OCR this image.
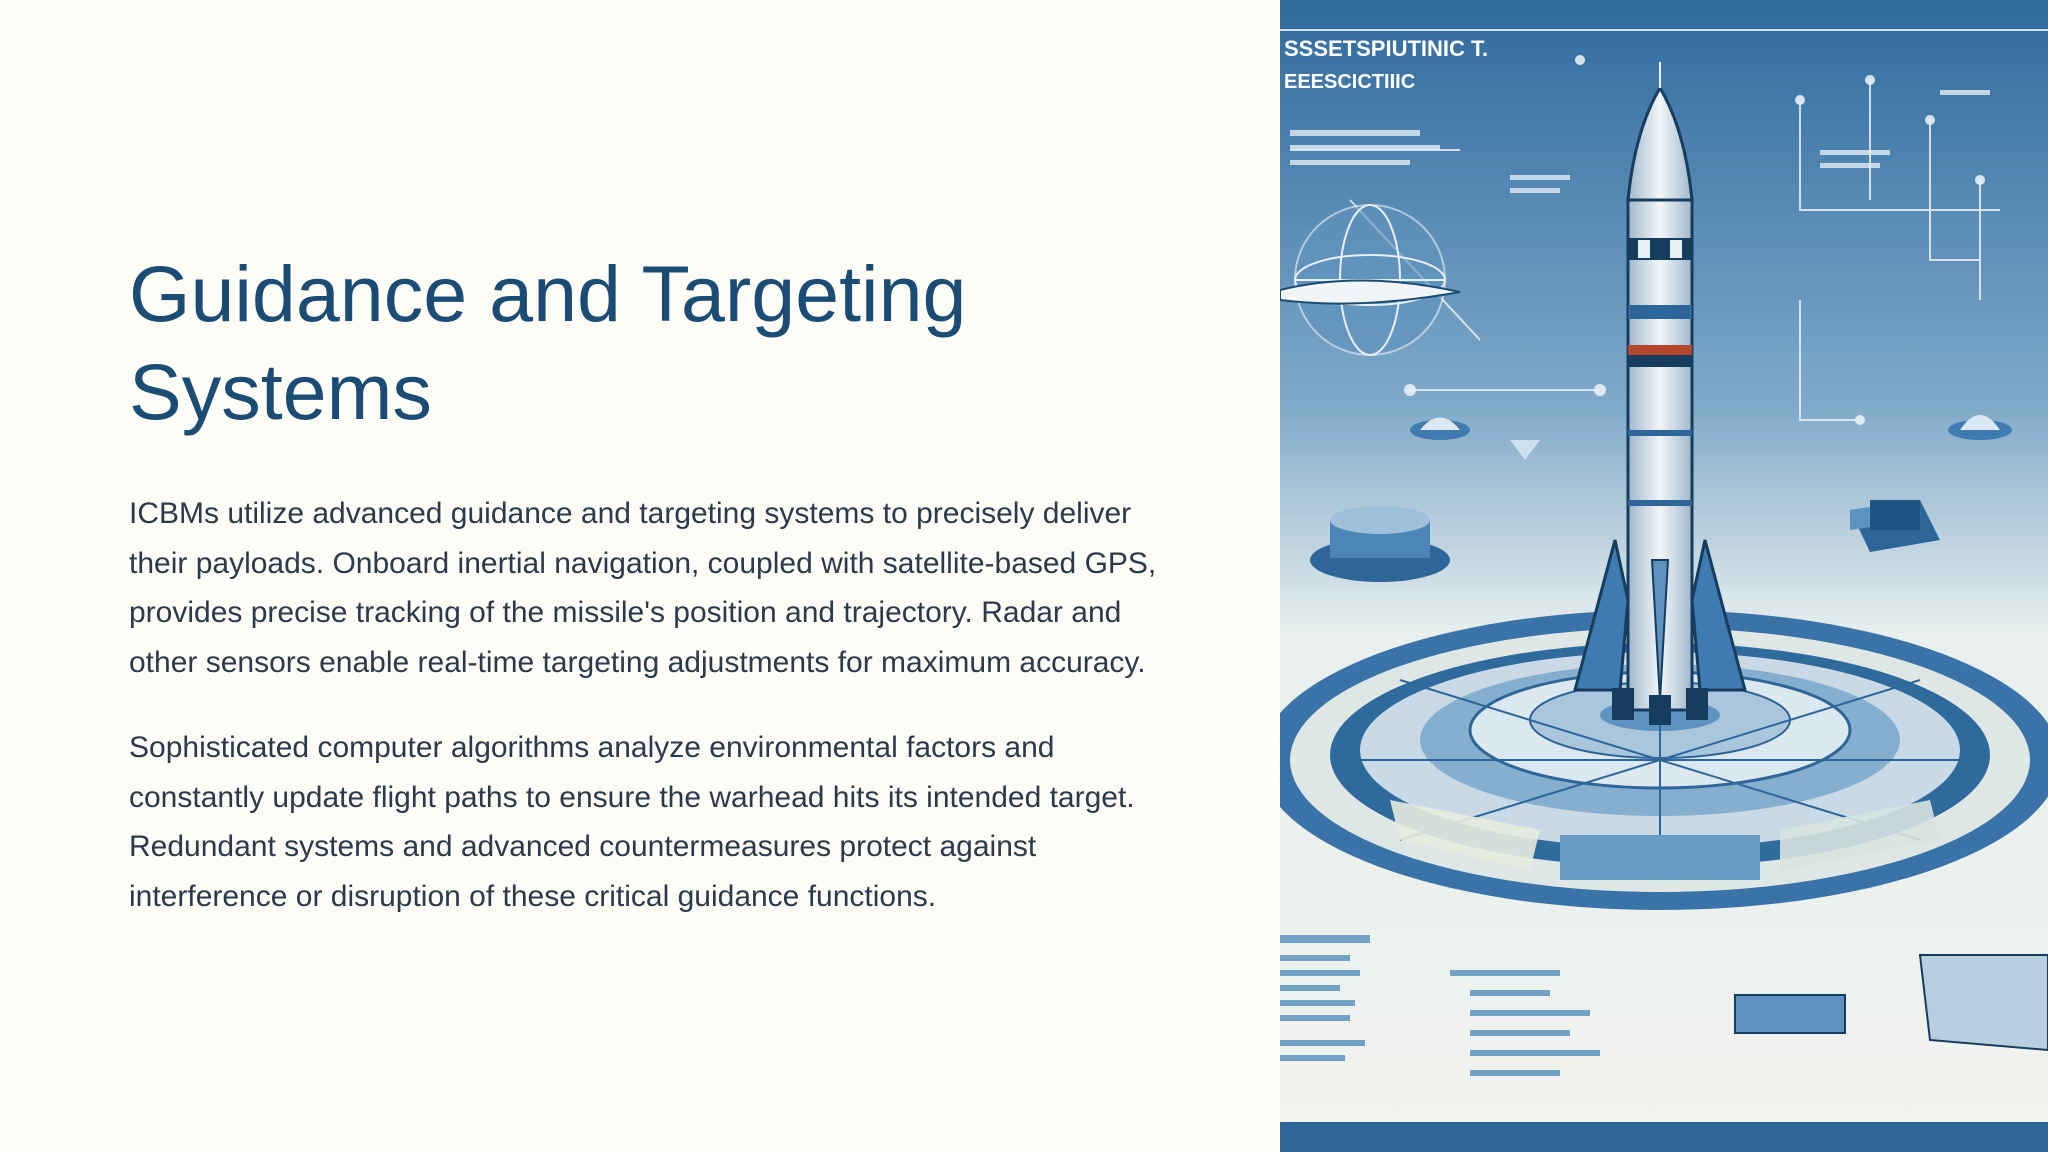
Guidance and Targeting Systems

ICBMs utilize advanced guidance and targeting systems to precisely deliver their payloads. Onboard inertial navigation, coupled with satellite-based GPS, provides precise tracking of the missile's position and trajectory. Radar and other sensors enable real-time targeting adjustments for maximum accuracy.

Sophisticated computer algorithms analyze environmental factors and constantly update flight paths to ensure the warhead hits its intended target. Redundant systems and advanced countermeasures protect against interference or disruption of these critical guidance functions.

SSSETSPIUTINIC T.
EEESCICTIIIC
